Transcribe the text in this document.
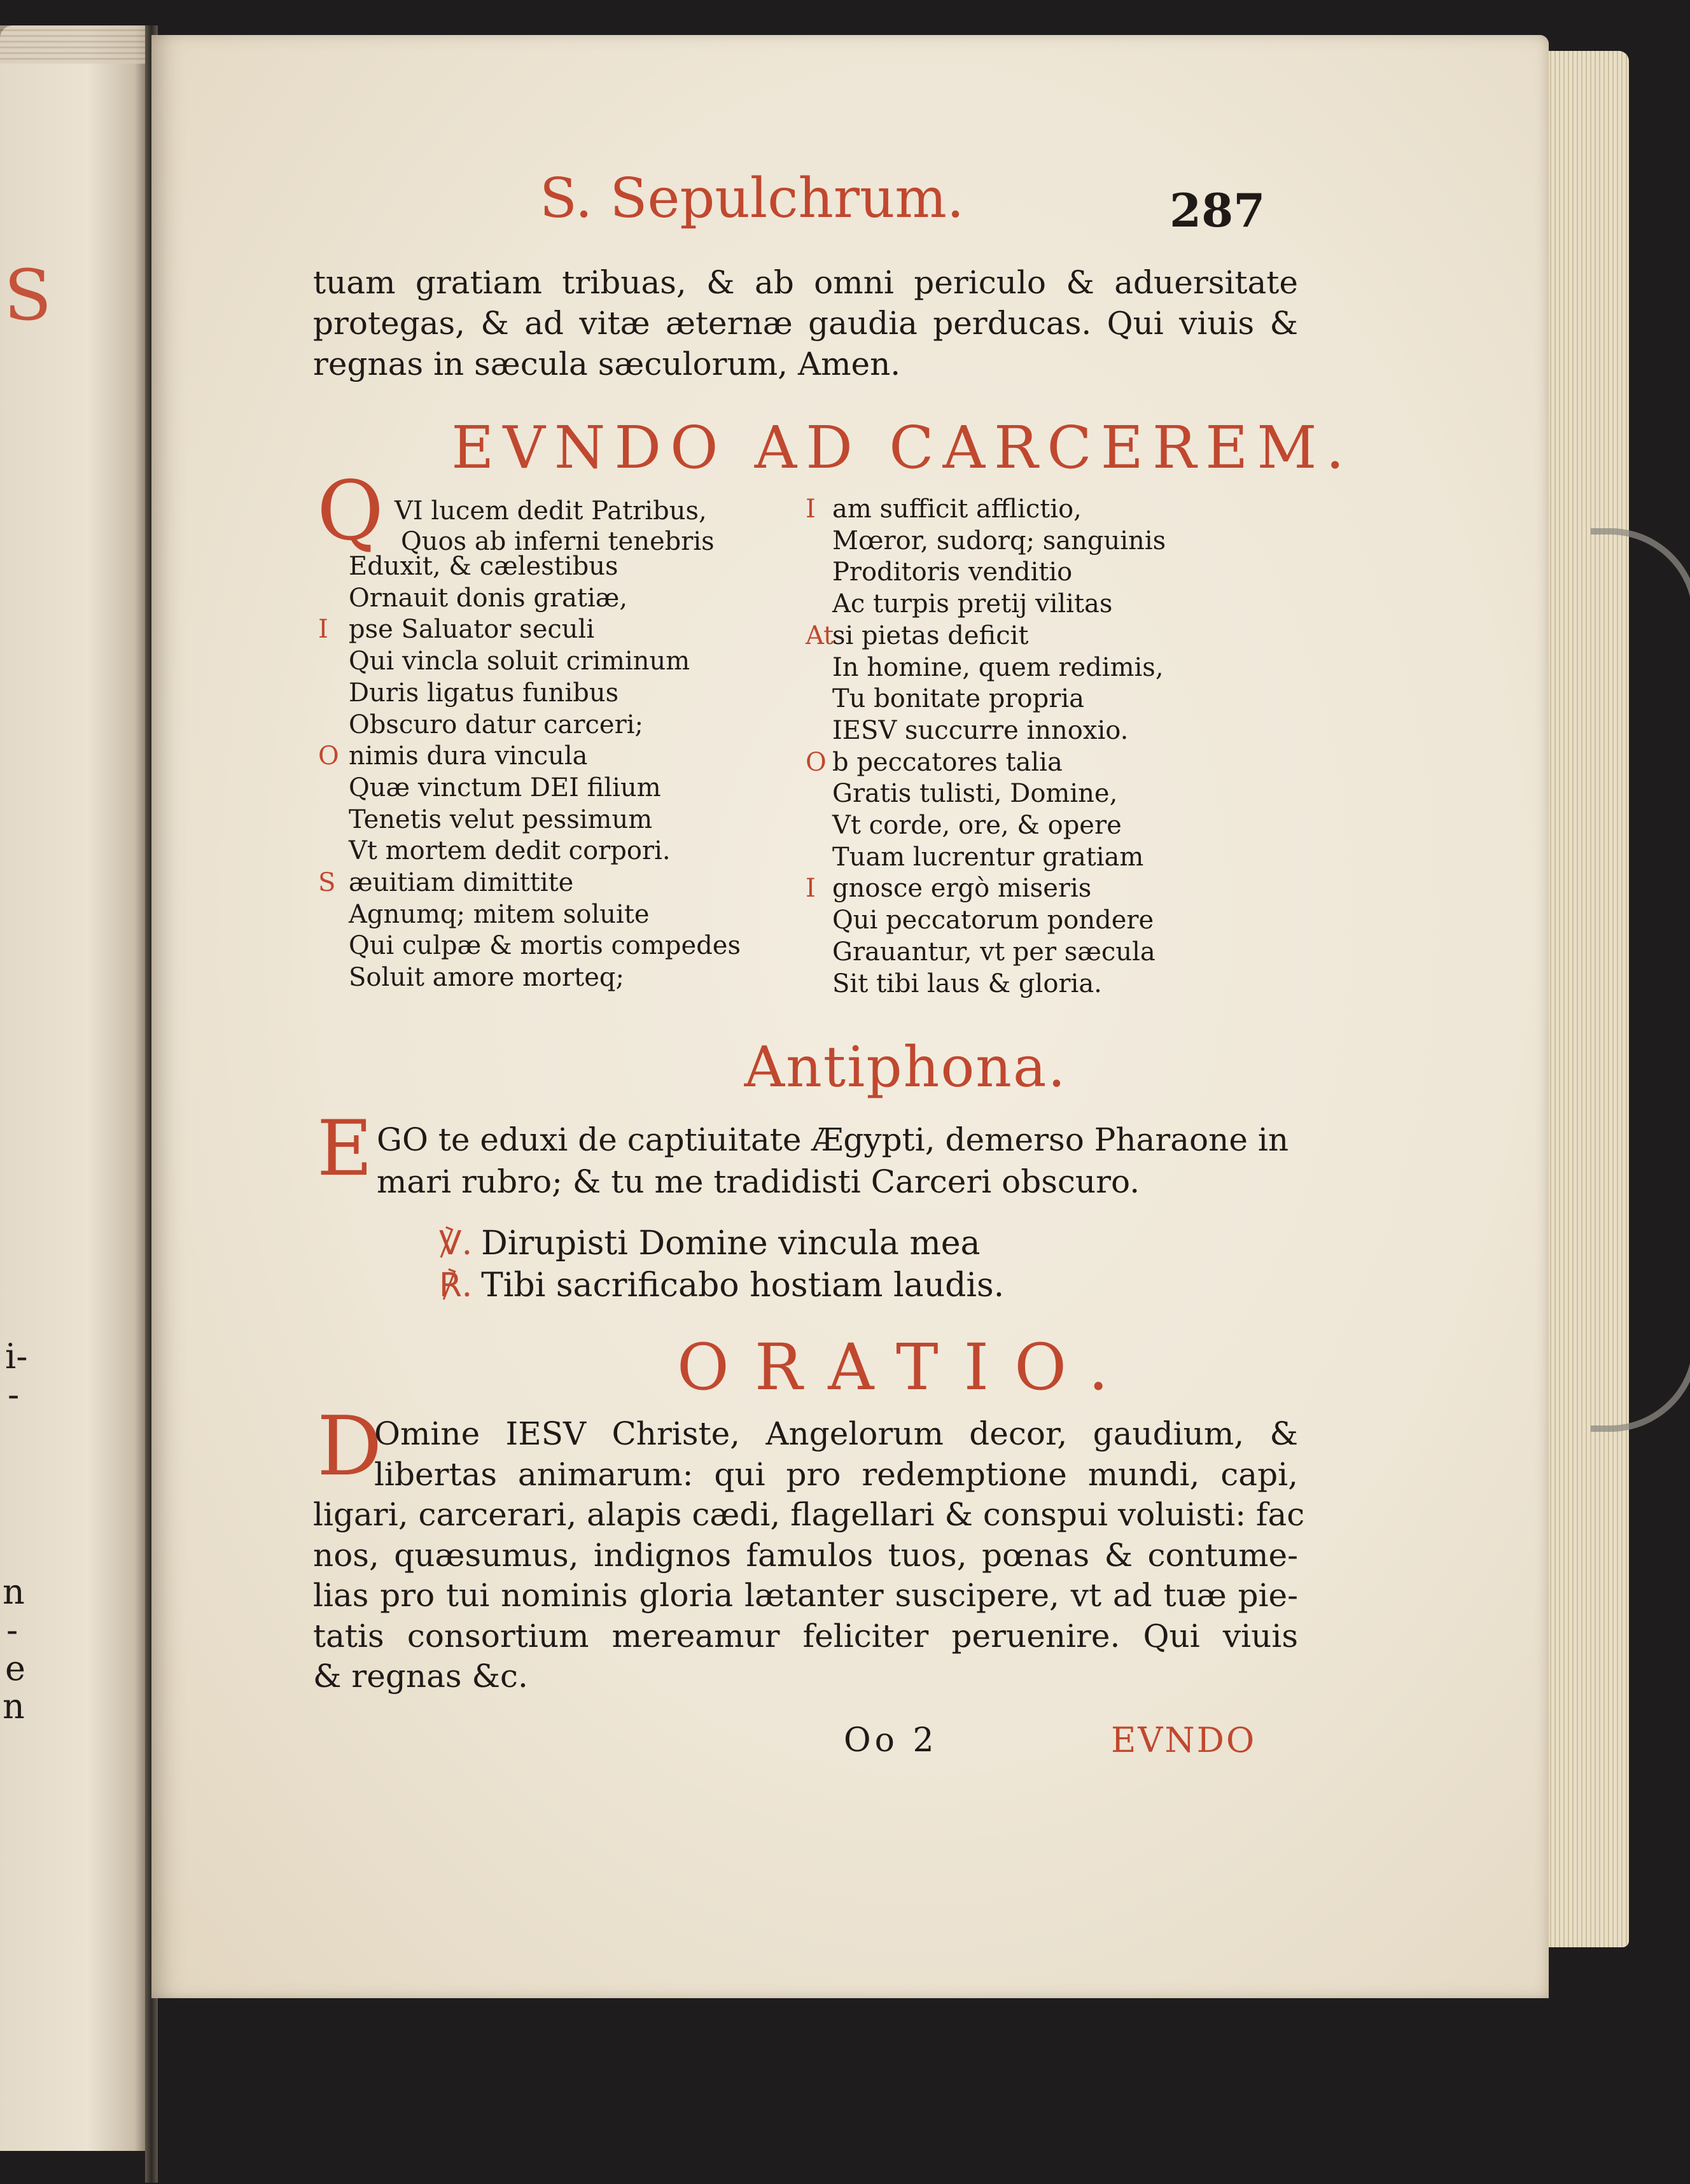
S
i-
-
n
-
e
n
S. Sepulchrum.	287
tuam gratiam tribuas, & ab omni periculo & aduersitate
protegas, & ad vitæ æternæ gaudia perducas. Qui viuis &
regnas in sæcula sæculorum, Amen.
EVNDO AD CARCEREM.
Q VI lucem dedit Patribus,
Quos ab inferni tenebris
Eduxit, & cælestibus
Ornauit donis gratiæ,
I pse Saluator seculi
Qui vincla soluit criminum
Duris ligatus funibus
Obscuro datur carceri;
O nimis dura vincula
Quæ vinctum DEI filium
Tenetis velut pessimum
Vt mortem dedit corpori.
S æuitiam dimittite
Agnumq; mitem soluite
Qui culpæ & mortis compedes
Soluit amore morteq;
I am sufficit afflictio,
Mœror, sudorq; sanguinis
Proditoris venditio
Ac turpis pretij vilitas
At
si pietas deficit
In homine, quem redimis,
Tu bonitate propria
IESV succurre innoxio.
O b peccatores talia
Gratis tulisti, Domine,
Vt corde, ore, & opere
Tuam lucrentur gratiam
I gnosce ergò miseris
Qui peccatorum pondere
Grauantur, vt per sæcula
Sit tibi laus & gloria.
Antiphona.
E GO te eduxi de captiuitate Ægypti, demerso Pharaone in
mari rubro; & tu me tradidisti Carceri obscuro.
℣. Dirupisti Domine vincula mea
℟. Tibi sacrificabo hostiam laudis.
ORATIO.
D
Omine IESV Christe, Angelorum decor, gaudium, &
libertas animarum: qui pro redemptione mundi, capi,
ligari, carcerari, alapis cædi, flagellari & conspui voluisti: fac
nos, quæsumus, indignos famulos tuos, pœnas & contume-
lias pro tui nominis gloria lætanter suscipere, vt ad tuæ pie-
tatis consortium mereamur feliciter peruenire. Qui viuis
& regnas &c.
Oo 2	EVNDO
